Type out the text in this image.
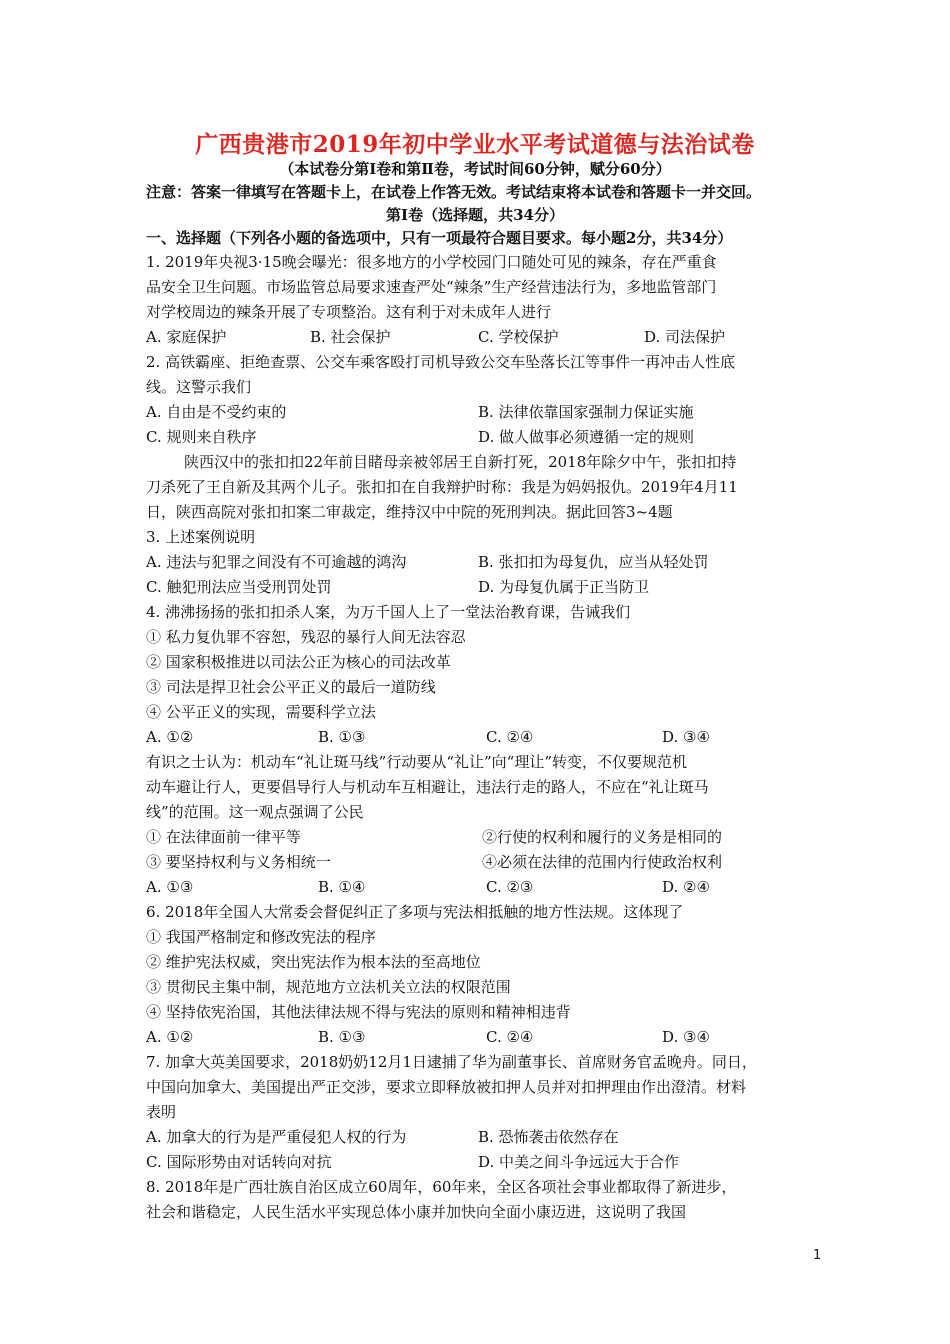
广西贵港市2019年初中学业水平考试道德与法治试卷
（本试卷分第Ⅰ卷和第Ⅱ卷，考试时间60分钟，赋分60分）
注意：答案一律填写在答题卡上，在试卷上作答无效。考试结束将本试卷和答题卡一并交回。
第Ⅰ卷（选择题，共34分）
一、选择题（下列各小题的备选项中，只有一项最符合题目要求。每小题2分，共34分）
1. 2019年央视3·15晚会曝光：很多地方的小学校园门口随处可见的辣条，存在严重食
品安全卫生问题。市场监管总局要求速查严处“辣条”生产经营违法行为，多地监管部门
对学校周边的辣条开展了专项整治。这有利于对未成年人进行
A. 家庭保护	B. 社会保护	C. 学校保护	D. 司法保护
2. 高铁霸座、拒绝查票、公交车乘客殴打司机导致公交车坠落长江等事件一再冲击人性底
线。这警示我们
A. 自由是不受约束的	B. 法律依靠国家强制力保证实施
C. 规则来自秩序	D. 做人做事必须遵循一定的规则
陕西汉中的张扣扣22年前目睹母亲被邻居王自新打死，2018年除夕中午，张扣扣持
刀杀死了王自新及其两个儿子。张扣扣在自我辩护时称：我是为妈妈报仇。2019年4月11
日，陕西高院对张扣扣案二审裁定，维持汉中中院的死刑判决。据此回答3~4题
3. 上述案例说明
A. 违法与犯罪之间没有不可逾越的鸿沟	B. 张扣扣为母复仇，应当从轻处罚
C. 触犯刑法应当受刑罚处罚	D. 为母复仇属于正当防卫
4. 沸沸扬扬的张扣扣杀人案，为万千国人上了一堂法治教育课，告诫我们
① 私力复仇罪不容恕，残忍的暴行人间无法容忍
② 国家积极推进以司法公正为核心的司法改革
③ 司法是捍卫社会公平正义的最后一道防线
④ 公平正义的实现，需要科学立法
A. ①②	B. ①③	C. ②④	D. ③④
有识之士认为：机动车“礼让斑马线”行动要从“礼让”向“理让”转变，不仅要规范机
动车避让行人，更要倡导行人与机动车互相避让，违法行走的路人，不应在“礼让斑马
线”的范围。这一观点强调了公民
① 在法律面前一律平等	②行使的权利和履行的义务是相同的
③ 要坚持权利与义务相统一	④必须在法律的范围内行使政治权利
A. ①③	B. ①④	C. ②③	D. ②④
6. 2018年全国人大常委会督促纠正了多项与宪法相抵触的地方性法规。这体现了
① 我国严格制定和修改宪法的程序
② 维护宪法权威，突出宪法作为根本法的至高地位
③ 贯彻民主集中制，规范地方立法机关立法的权限范围
④ 坚持依宪治国，其他法律法规不得与宪法的原则和精神相违背
A. ①②	B. ①③	C. ②④	D. ③④
7. 加拿大英美国要求，2018奶奶12月1日逮捕了华为副董事长、首席财务官孟晚舟。同日，
中国向加拿大、美国提出严正交涉，要求立即释放被扣押人员并对扣押理由作出澄清。材料
表明
A. 加拿大的行为是严重侵犯人权的行为	B. 恐怖袭击依然存在
C. 国际形势由对话转向对抗	D. 中美之间斗争远远大于合作
8. 2018年是广西壮族自治区成立60周年，60年来，全区各项社会事业都取得了新进步，
社会和谐稳定，人民生活水平实现总体小康并加快向全面小康迈进，这说明了我国
1
